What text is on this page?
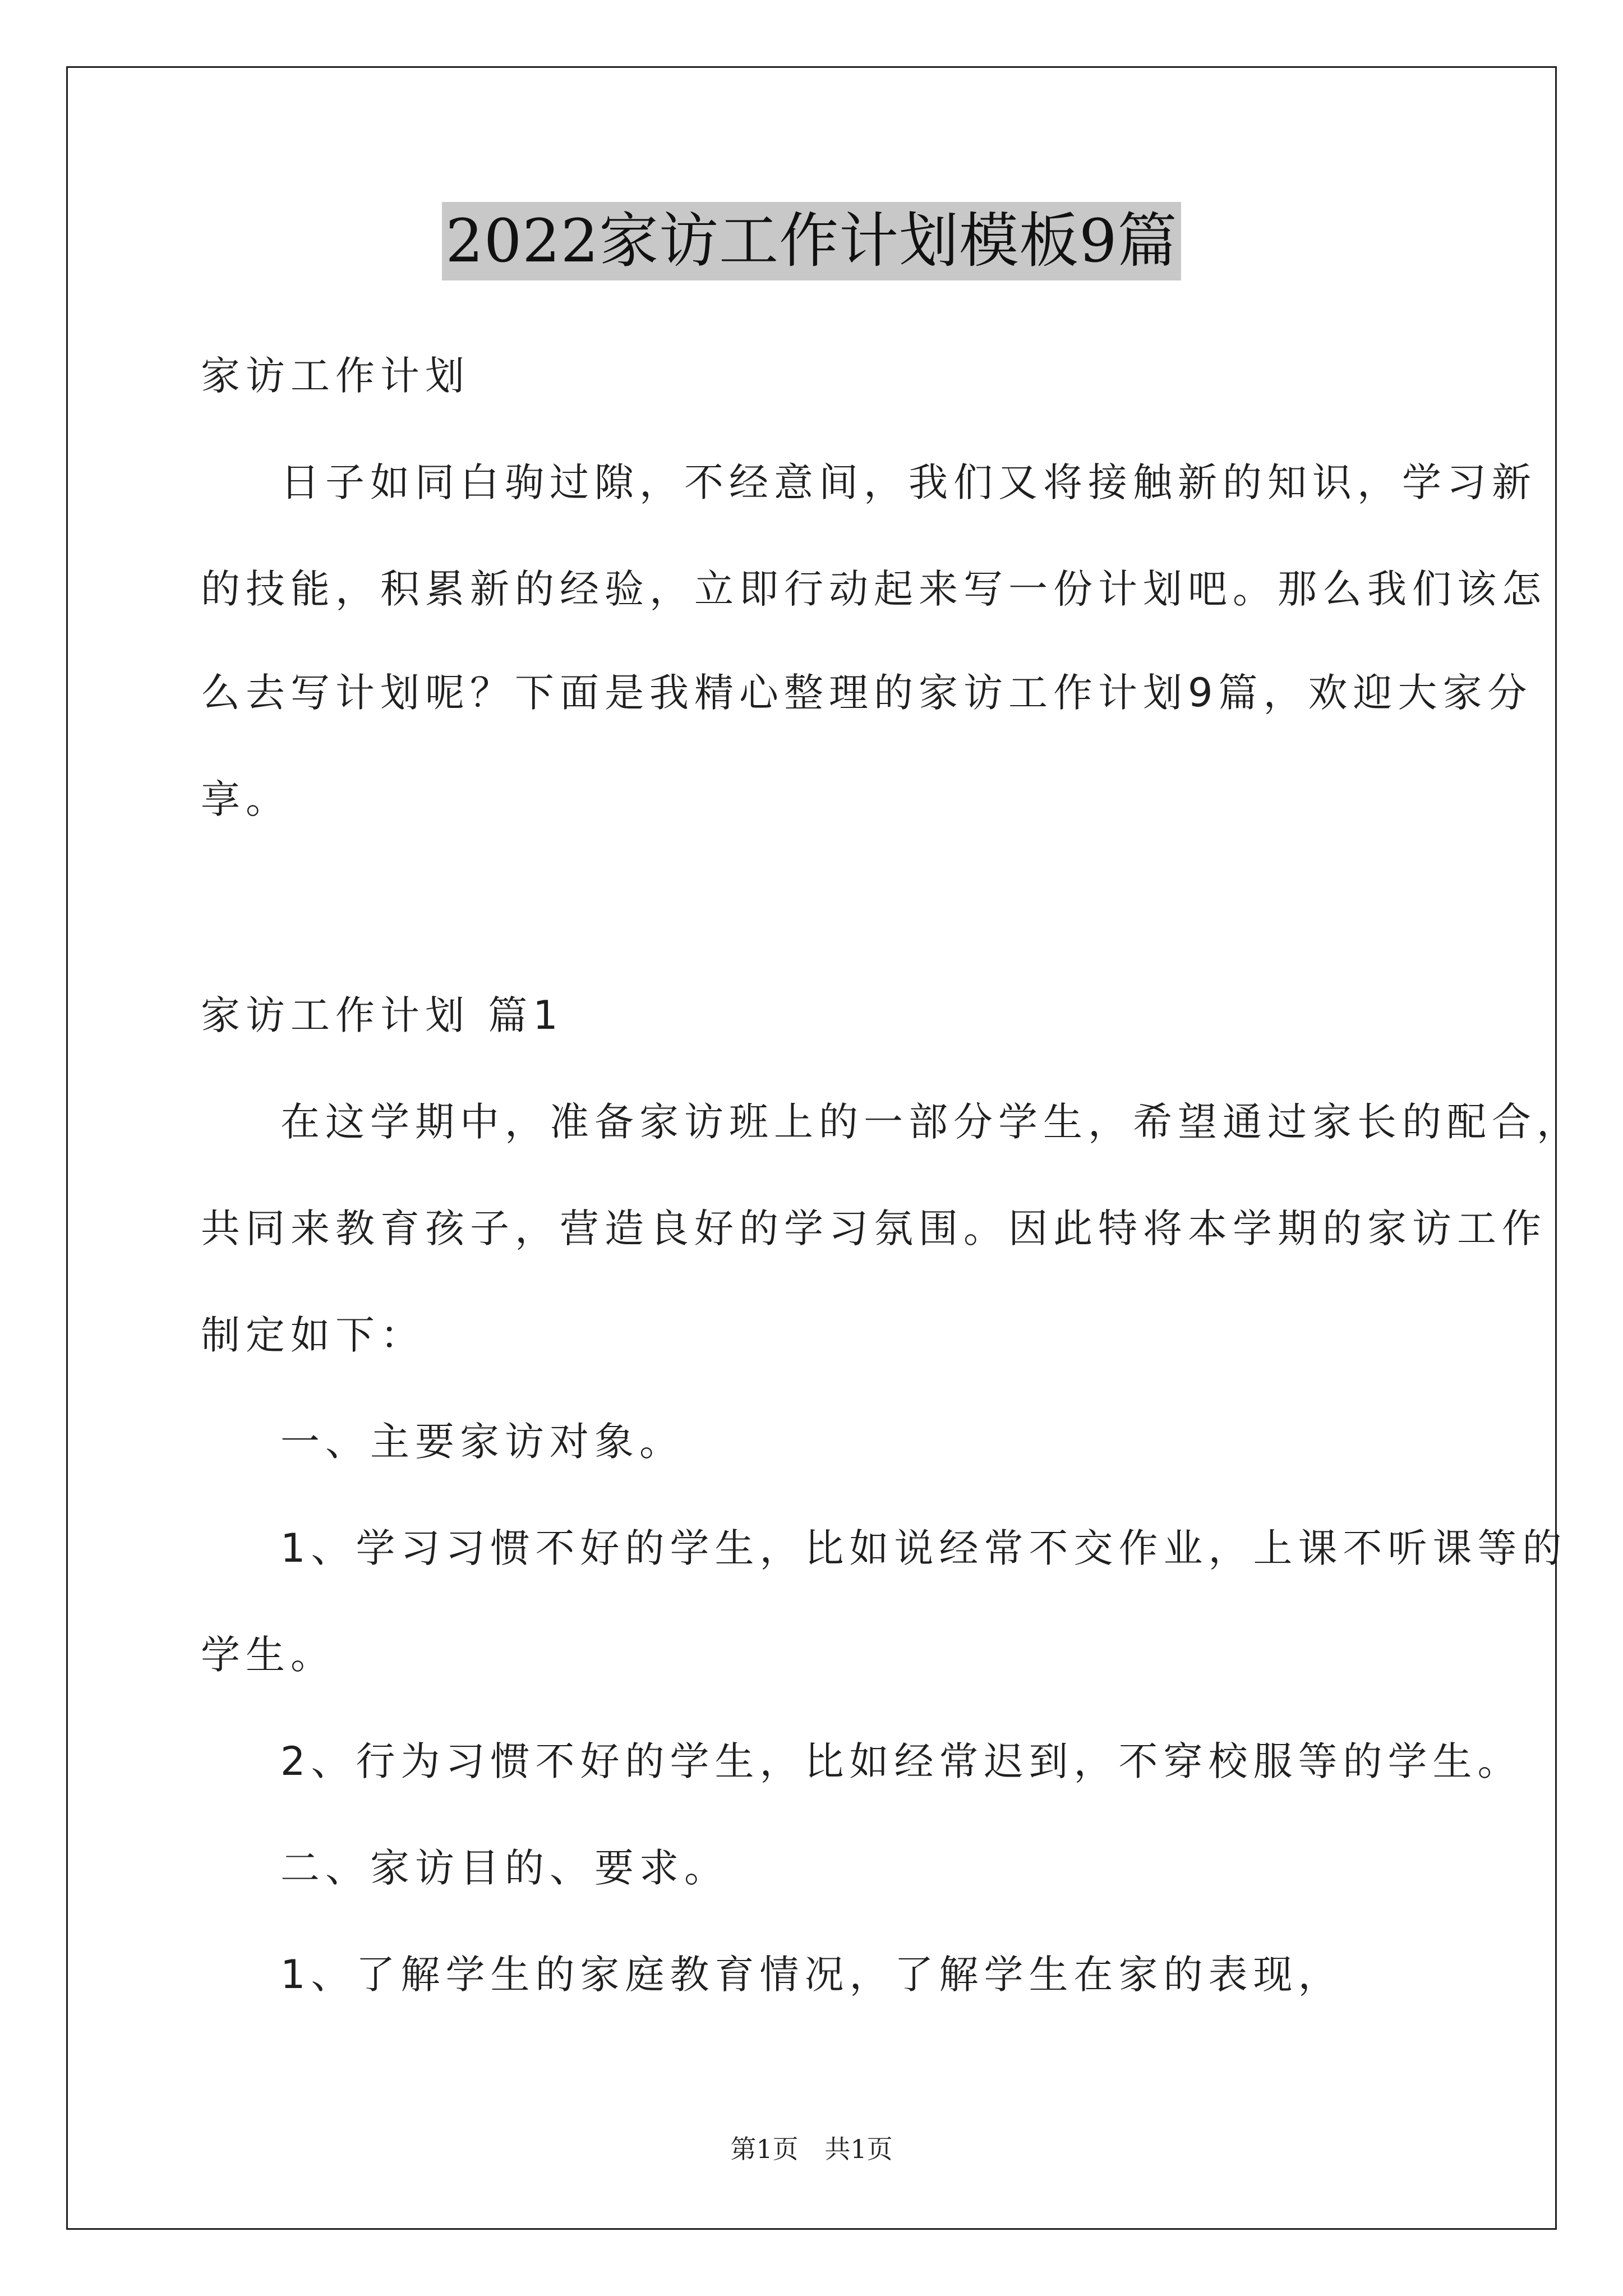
2022家访工作计划模板9篇
家访工作计划
日子如同白驹过隙，不经意间，我们又将接触新的知识，学习新
的技能，积累新的经验，立即行动起来写一份计划吧。那么我们该怎
么去写计划呢？下面是我精心整理的家访工作计划9篇，欢迎大家分
享。
家访工作计划 篇1
在这学期中，准备家访班上的一部分学生，希望通过家长的配合，
共同来教育孩子，营造良好的学习氛围。因此特将本学期的家访工作
制定如下：
一、主要家访对象。
1、学习习惯不好的学生，比如说经常不交作业，上课不听课等的
学生。
2、行为习惯不好的学生，比如经常迟到，不穿校服等的学生。
二、家访目的、要求。
1、了解学生的家庭教育情况，了解学生在家的表现，
第1页 共1页
